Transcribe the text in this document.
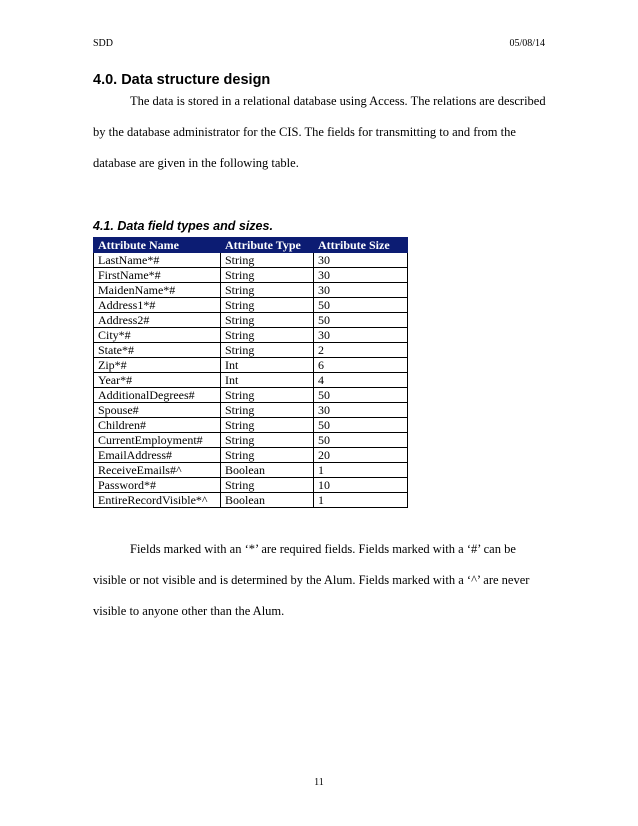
SDD	05/08/14
4.0. Data structure design
The data is stored in a relational database using Access. The relations are described by the database administrator for the CIS. The fields for transmitting to and from the database are given in the following table.
4.1. Data field types and sizes.
Attribute Name	Attribute Type	Attribute Size
LastName*#	String	30
FirstName*#	String	30
MaidenName*#	String	30
Address1*#	String	50
Address2#	String	50
City*#	String	30
State*#	String	2
Zip*#	Int	6
Year*#	Int	4
AdditionalDegrees#	String	50
Spouse#	String	30
Children#	String	50
CurrentEmployment#	String	50
EmailAddress#	String	20
ReceiveEmails#^	Boolean	1
Password*#	String	10
EntireRecordVisible*^	Boolean	1
Fields marked with an ‘*’ are required fields. Fields marked with a ‘#’ can be visible or not visible and is determined by the Alum. Fields marked with a ‘^’ are never visible to anyone other than the Alum.
11
